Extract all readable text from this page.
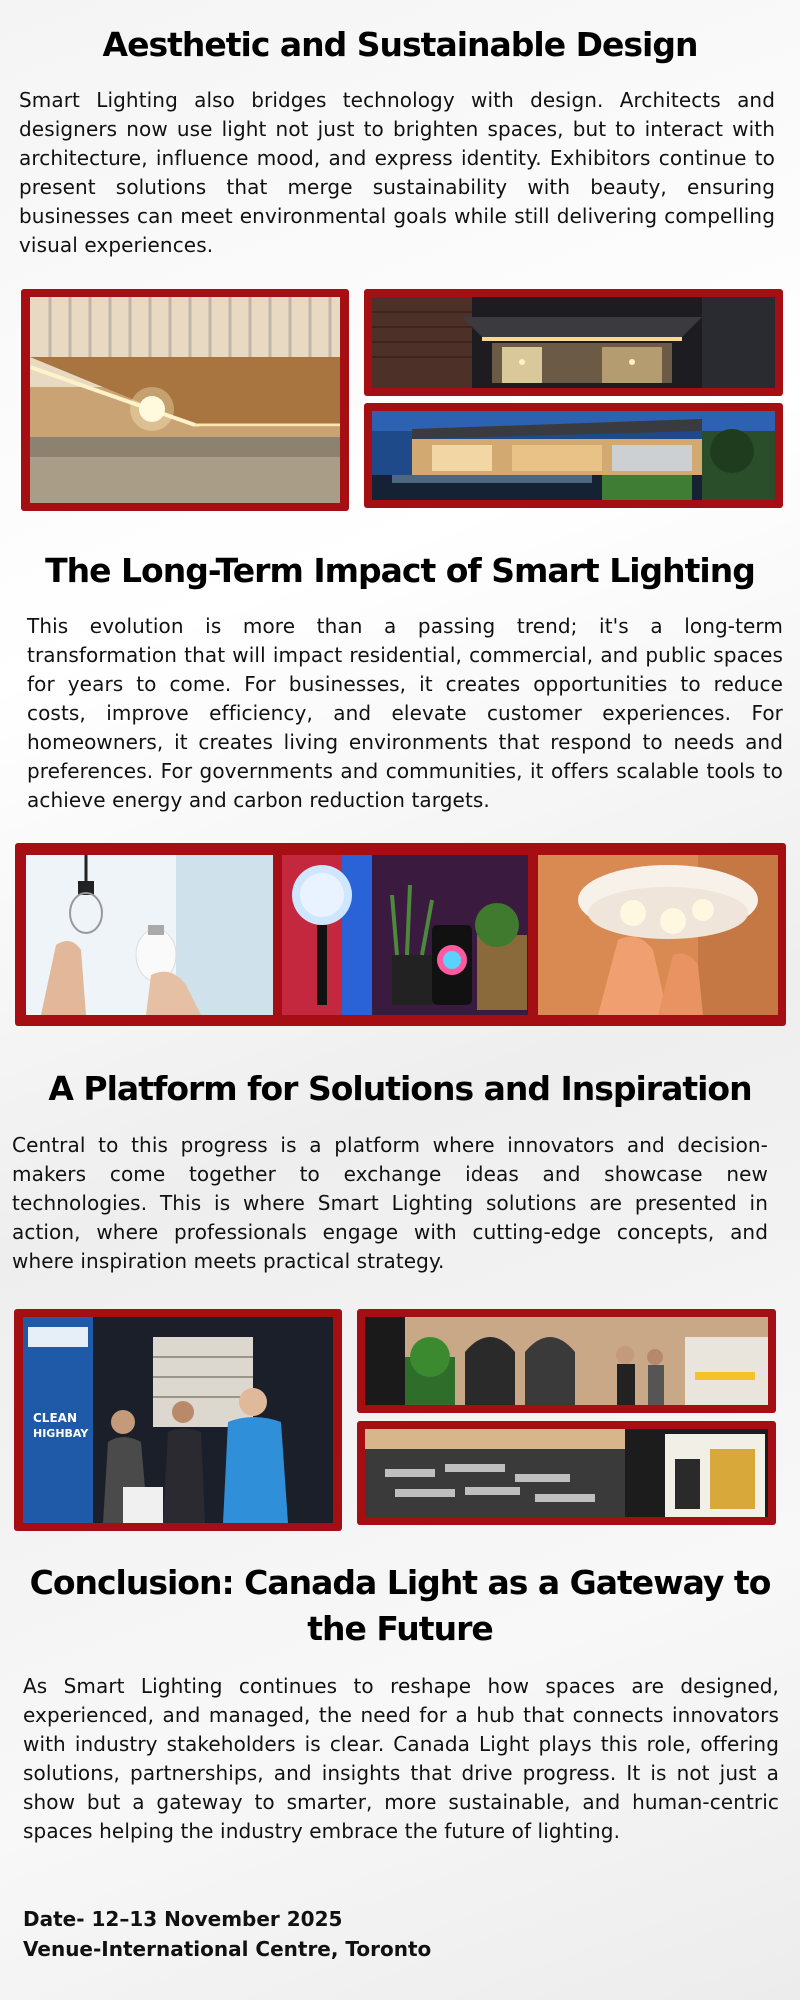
Aesthetic and Sustainable Design

Smart Lighting also bridges technology with design. Architects and designers now use light not just to brighten spaces, but to interact with architecture, influence mood, and express identity. Exhibitors continue to present solutions that merge sustainability with beauty, ensuring businesses can meet environmental goals while still delivering compelling visual experiences.

The Long-Term Impact of Smart Lighting

This evolution is more than a passing trend; it's a long-term transformation that will impact residential, commercial, and public spaces for years to come. For businesses, it creates opportunities to reduce costs, improve efficiency, and elevate customer experiences. For homeowners, it creates living environments that respond to needs and preferences. For governments and communities, it offers scalable tools to achieve energy and carbon reduction targets.

A Platform for Solutions and Inspiration

Central to this progress is a platform where innovators and decision-makers come together to exchange ideas and showcase new technologies. This is where Smart Lighting solutions are presented in action, where professionals engage with cutting-edge concepts, and where inspiration meets practical strategy.

CLEAN
HIGHBAY
Conclusion: Canada Light as a Gateway to the Future

As Smart Lighting continues to reshape how spaces are designed, experienced, and managed, the need for a hub that connects innovators with industry stakeholders is clear. Canada Light plays this role, offering solutions, partnerships, and insights that drive progress. It is not just a show but a gateway to smarter, more sustainable, and human-centric spaces helping the industry embrace the future of lighting.

Date- 12–13 November 2025
Venue-International Centre, Toronto
